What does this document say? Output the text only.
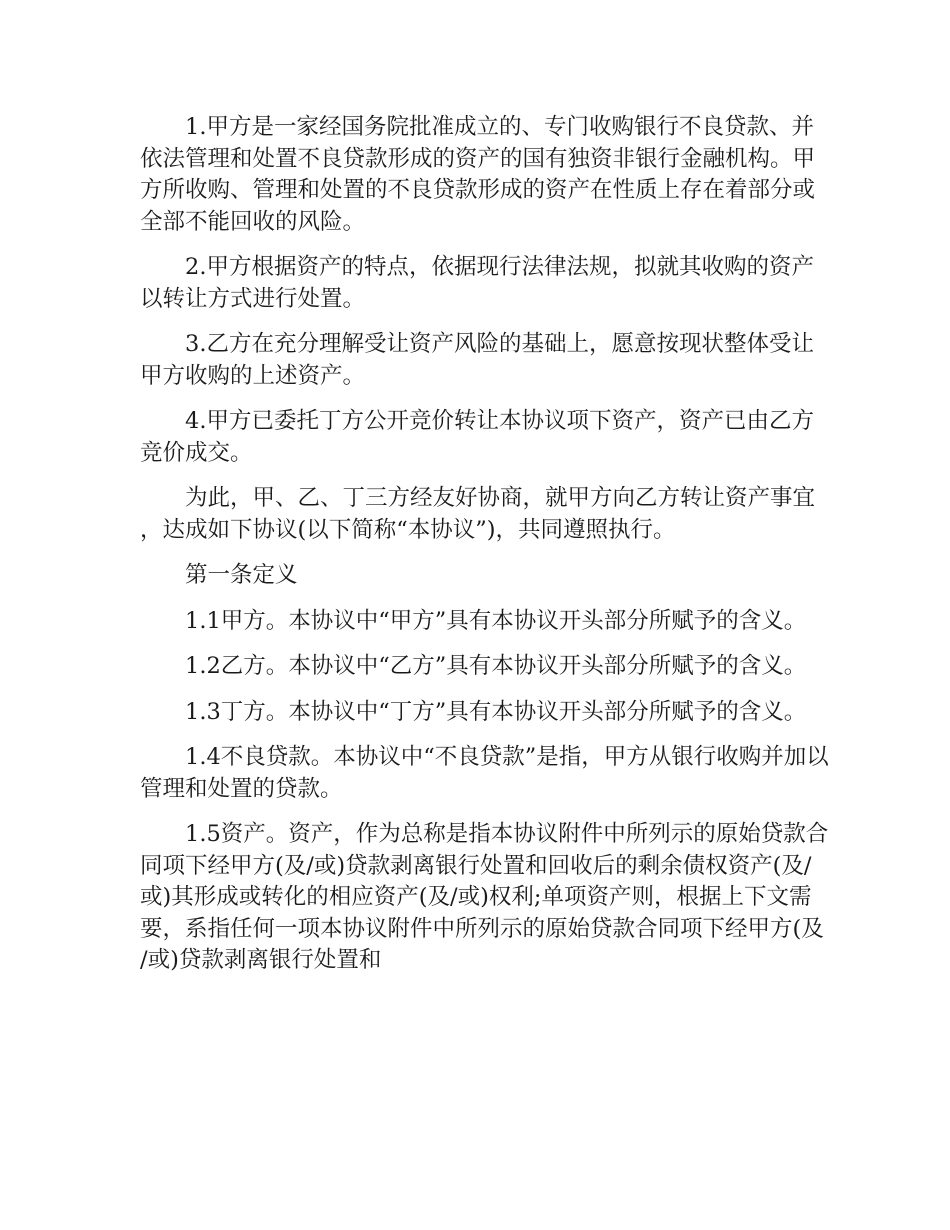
1.甲方是一家经国务院批准成立的、专门收购银行不良贷款、并依法管理和处置不良贷款形成的资产的国有独资非银行金融机构。甲方所收购、管理和处置的不良贷款形成的资产在性质上存在着部分或全部不能回收的风险。

2.甲方根据资产的特点，依据现行法律法规，拟就其收购的资产以转让方式进行处置。

3.乙方在充分理解受让资产风险的基础上，愿意按现状整体受让甲方收购的上述资产。

4.甲方已委托丁方公开竞价转让本协议项下资产，资产已由乙方竞价成交。

为此，甲、乙、丁三方经友好协商，就甲方向乙方转让资产事宜，达成如下协议(以下简称“本协议”)，共同遵照执行。

第一条定义

1.1甲方。本协议中“甲方”具有本协议开头部分所赋予的含义。

1.2乙方。本协议中“乙方”具有本协议开头部分所赋予的含义。

1.3丁方。本协议中“丁方”具有本协议开头部分所赋予的含义。

1.4不良贷款。本协议中“不良贷款”是指，甲方从银行收购并加以管理和处置的贷款。

1.5资产。资产，作为总称是指本协议附件中所列示的原始贷款合同项下经甲方(及/或)贷款剥离银行处置和回收后的剩余债权资产(及/或)其形成或转化的相应资产(及/或)权利;单项资产则，根据上下文需要，系指任何一项本协议附件中所列示的原始贷款合同项下经甲方(及/或)贷款剥离银行处置和
